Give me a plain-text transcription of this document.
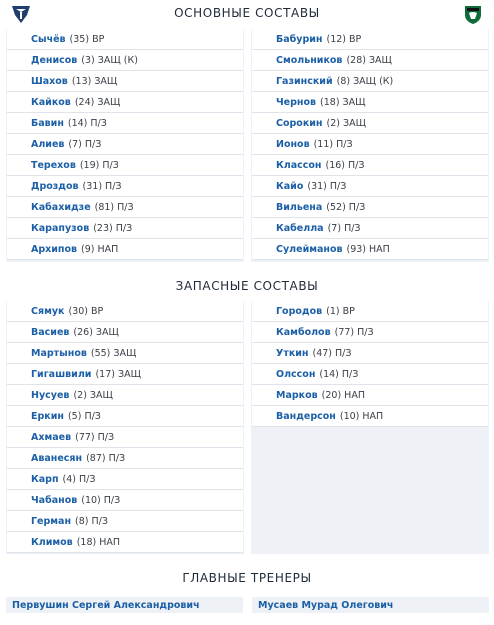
ОСНОВНЫЕ СОСТАВЫ
Сычёв (35) ВР
Денисов (3) ЗАЩ (К)
Шахов (13) ЗАЩ
Кайков (24) ЗАЩ
Бавин (14) П/З
Алиев (7) П/З
Терехов (19) П/З
Дроздов (31) П/З
Кабахидзе (81) П/З
Карапузов (23) П/З
Архипов (9) НАП
Бабурин (12) ВР
Смольников (28) ЗАЩ
Газинский (8) ЗАЩ (К)
Чернов (18) ЗАЩ
Сорокин (2) ЗАЩ
Ионов (11) П/З
Классон (16) П/З
Кайо (31) П/З
Вильена (52) П/З
Кабелла (7) П/З
Сулейманов (93) НАП
ЗАПАСНЫЕ СОСТАВЫ
Сямук (30) ВР
Васиев (26) ЗАЩ
Мартынов (55) ЗАЩ
Гигашвили (17) ЗАЩ
Нусуев (2) ЗАЩ
Еркин (5) П/З
Ахмаев (77) П/З
Аванесян (87) П/З
Карп (4) П/З
Чабанов (10) П/З
Герман (8) П/З
Климов (18) НАП
Городов (1) ВР
Камболов (77) П/З
Уткин (47) П/З
Олссон (14) П/З
Марков (20) НАП
Вандерсон (10) НАП
ГЛАВНЫЕ ТРЕНЕРЫ
Первушин Сергей Александрович	Мусаев Мурад Олегович
